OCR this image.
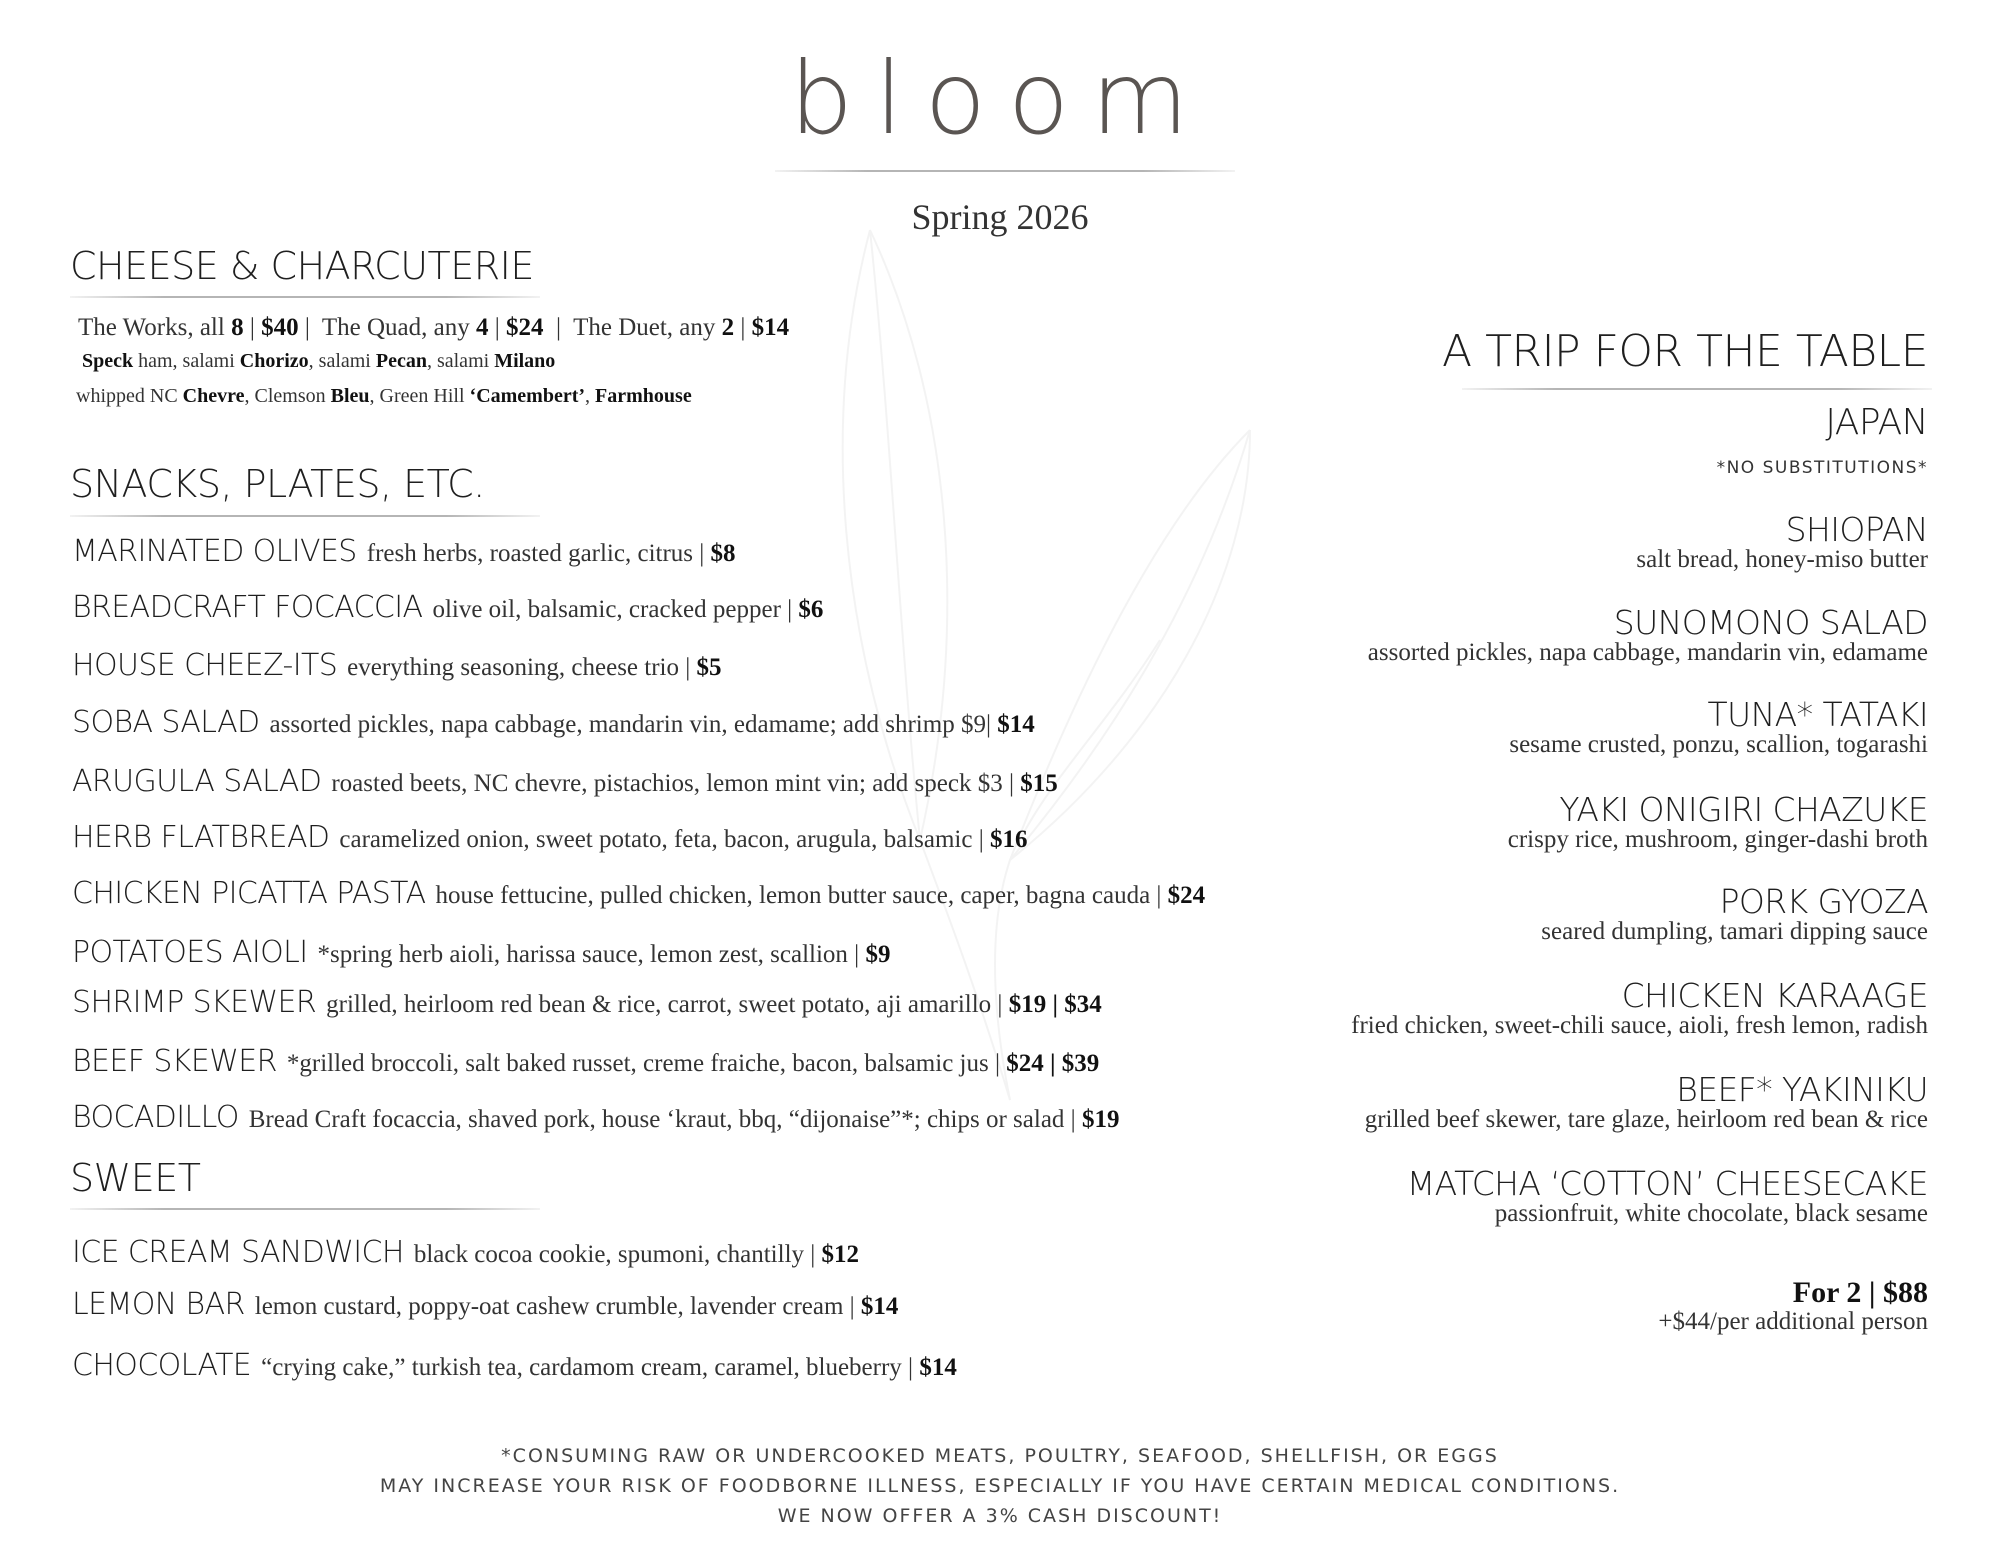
bloom
Spring 2026
CHEESE & CHARCUTERIE
The Works, all 8 | $40 |  The Quad, any 4 | $24  |  The Duet, any 2 | $14
Speck ham, salami Chorizo, salami Pecan, salami Milano
whipped NC Chevre, Clemson Bleu, Green Hill ‘Camembert’, Farmhouse
SNACKS, PLATES, ETC.
MARINATED OLIVES fresh herbs, roasted garlic, citrus | $8
BREADCRAFT FOCACCIA olive oil, balsamic, cracked pepper | $6
HOUSE CHEEZ-ITS everything seasoning, cheese trio | $5
SOBA SALAD assorted pickles, napa cabbage, mandarin vin, edamame; add shrimp $9| $14
ARUGULA SALAD roasted beets, NC chevre, pistachios, lemon mint vin; add speck $3 | $15
HERB FLATBREAD caramelized onion, sweet potato, feta, bacon, arugula, balsamic | $16
CHICKEN PICATTA PASTA house fettucine, pulled chicken, lemon butter sauce, caper, bagna cauda | $24
POTATOES AIOLI *spring herb aioli, harissa sauce, lemon zest, scallion | $9
SHRIMP SKEWER grilled, heirloom red bean & rice, carrot, sweet potato, aji amarillo | $19 | $34
BEEF SKEWER *grilled broccoli, salt baked russet, creme fraiche, bacon, balsamic jus | $24 | $39
BOCADILLO Bread Craft focaccia, shaved pork, house ‘kraut, bbq, “dijonaise”*; chips or salad | $19
SWEET
ICE CREAM SANDWICH black cocoa cookie, spumoni, chantilly | $12
LEMON BAR lemon custard, poppy-oat cashew crumble, lavender cream | $14
CHOCOLATE “crying cake,” turkish tea, cardamom cream, caramel, blueberry | $14
A TRIP FOR THE TABLE
JAPAN
*NO SUBSTITUTIONS*
SHIOPAN
salt bread, honey-miso butter
SUNOMONO SALAD
assorted pickles, napa cabbage, mandarin vin, edamame
TUNA* TATAKI
sesame crusted, ponzu, scallion, togarashi
YAKI ONIGIRI CHAZUKE
crispy rice, mushroom, ginger-dashi broth
PORK GYOZA
seared dumpling, tamari dipping sauce
CHICKEN KARAAGE
fried chicken, sweet-chili sauce, aioli, fresh lemon, radish
BEEF* YAKINIKU
grilled beef skewer, tare glaze, heirloom red bean & rice
MATCHA ‘COTTON’ CHEESECAKE
passionfruit, white chocolate, black sesame
For 2 | $88
+$44/per additional person
*CONSUMING RAW OR UNDERCOOKED MEATS, POULTRY, SEAFOOD, SHELLFISH, OR EGGS
MAY INCREASE YOUR RISK OF FOODBORNE ILLNESS, ESPECIALLY IF YOU HAVE CERTAIN MEDICAL CONDITIONS.
WE NOW OFFER A 3% CASH DISCOUNT!
